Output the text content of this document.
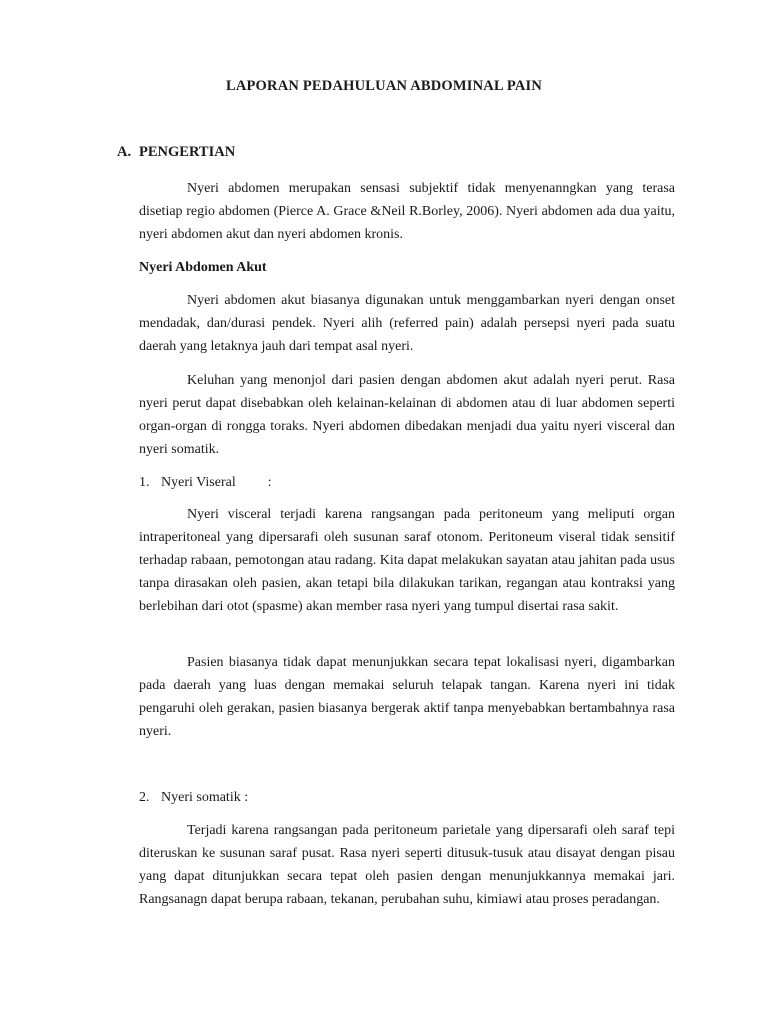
LAPORAN PEDAHULUAN ABDOMINAL PAIN
A. PENGERTIAN

Nyeri abdomen merupakan sensasi subjektif tidak menyenanngkan yang terasa disetiap regio abdomen (Pierce A. Grace &Neil R.Borley, 2006). Nyeri abdomen ada dua yaitu, nyeri abdomen akut dan nyeri abdomen kronis.

Nyeri Abdomen Akut

Nyeri abdomen akut biasanya digunakan untuk menggambarkan nyeri dengan onset mendadak, dan/durasi pendek. Nyeri alih (referred pain) adalah persepsi nyeri pada suatu daerah yang letaknya jauh dari tempat asal nyeri.

Keluhan yang menonjol dari pasien dengan abdomen akut adalah nyeri perut. Rasa nyeri perut dapat disebabkan oleh kelainan-kelainan di abdomen atau di luar abdomen seperti organ-organ di rongga toraks. Nyeri abdomen dibedakan menjadi dua yaitu nyeri visceral dan nyeri somatik.

1. Nyeri Viseral :

Nyeri visceral terjadi karena rangsangan pada peritoneum yang meliputi organ intraperitoneal yang dipersarafi oleh susunan saraf otonom. Peritoneum viseral tidak sensitif terhadap rabaan, pemotongan atau radang. Kita dapat melakukan sayatan atau jahitan pada usus tanpa dirasakan oleh pasien, akan tetapi bila dilakukan tarikan, regangan atau kontraksi yang berlebihan dari otot (spasme) akan member rasa nyeri yang tumpul disertai rasa sakit.

Pasien biasanya tidak dapat menunjukkan secara tepat lokalisasi nyeri, digambarkan pada daerah yang luas dengan memakai seluruh telapak tangan. Karena nyeri ini tidak pengaruhi oleh gerakan, pasien biasanya bergerak aktif tanpa menyebabkan bertambahnya rasa nyeri.

2. Nyeri somatik :

Terjadi karena rangsangan pada peritoneum parietale yang dipersarafi oleh saraf tepi diteruskan ke susunan saraf pusat. Rasa nyeri seperti ditusuk-tusuk atau disayat dengan pisau yang dapat ditunjukkan secara tepat oleh pasien dengan menunjukkannya memakai jari. Rangsanagn dapat berupa rabaan, tekanan, perubahan suhu, kimiawi atau proses peradangan.
